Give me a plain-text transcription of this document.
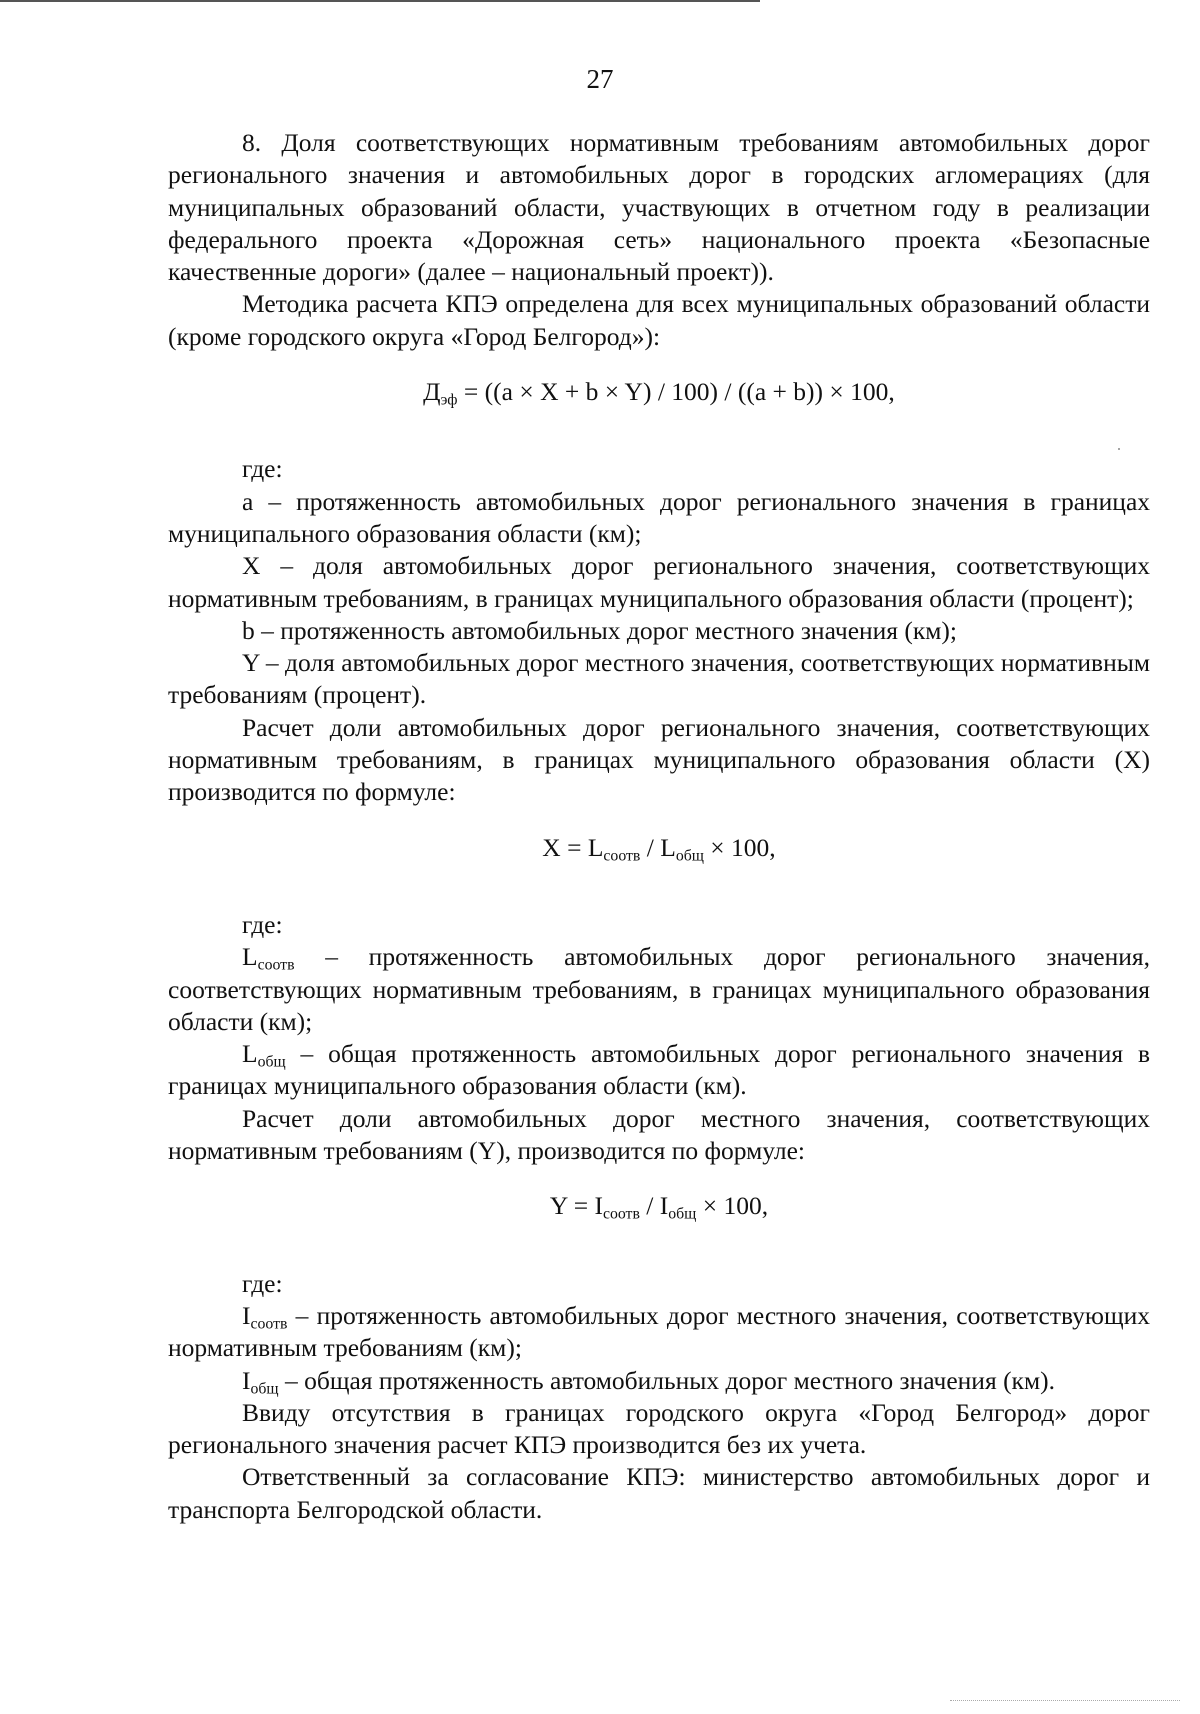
27

8. Доля соответствующих нормативным требованиям автомобильных дорог регионального значения и автомобильных дорог в городских агломерациях (для муниципальных образований области, участвующих в отчетном году в реализации федерального проекта «Дорожная сеть» национального проекта «Безопасные качественные дороги» (далее – национальный проект)).

Методика расчета КПЭ определена для всех муниципальных образований области (кроме городского округа «Город Белгород»):

$Д_{эф} = ((a \times X + b \times Y) / 100) / ((a + b)) \times 100$,

где:

a – протяженность автомобильных дорог регионального значения в границах муниципального образования области (км);

X – доля автомобильных дорог регионального значения, соответствующих нормативным требованиям, в границах муниципального образования области (процент);

b – протяженность автомобильных дорог местного значения (км);

Y – доля автомобильных дорог местного значения, соответствующих нормативным требованиям (процент).

Расчет доли автомобильных дорог регионального значения, соответствующих нормативным требованиям, в границах муниципального образования области (X) производится по формуле:

$X = L_{соотв} / L_{общ} \times 100$,

где:

$L_{соотв}$ – протяженность автомобильных дорог регионального значения, соответствующих нормативным требованиям, в границах муниципального образования области (км);

$L_{общ}$ – общая протяженность автомобильных дорог регионального значения в границах муниципального образования области (км).

Расчет доли автомобильных дорог местного значения, соответствующих нормативным требованиям (Y), производится по формуле:

$Y = I_{соотв} / I_{общ} \times 100$,

где:

$I_{соотв}$ – протяженность автомобильных дорог местного значения, соответствующих нормативным требованиям (км);

$I_{общ}$ – общая протяженность автомобильных дорог местного значения (км).

Ввиду отсутствия в границах городского округа «Город Белгород» дорог регионального значения расчет КПЭ производится без их учета.

Ответственный за согласование КПЭ: министерство автомобильных дорог и транспорта Белгородской области.
